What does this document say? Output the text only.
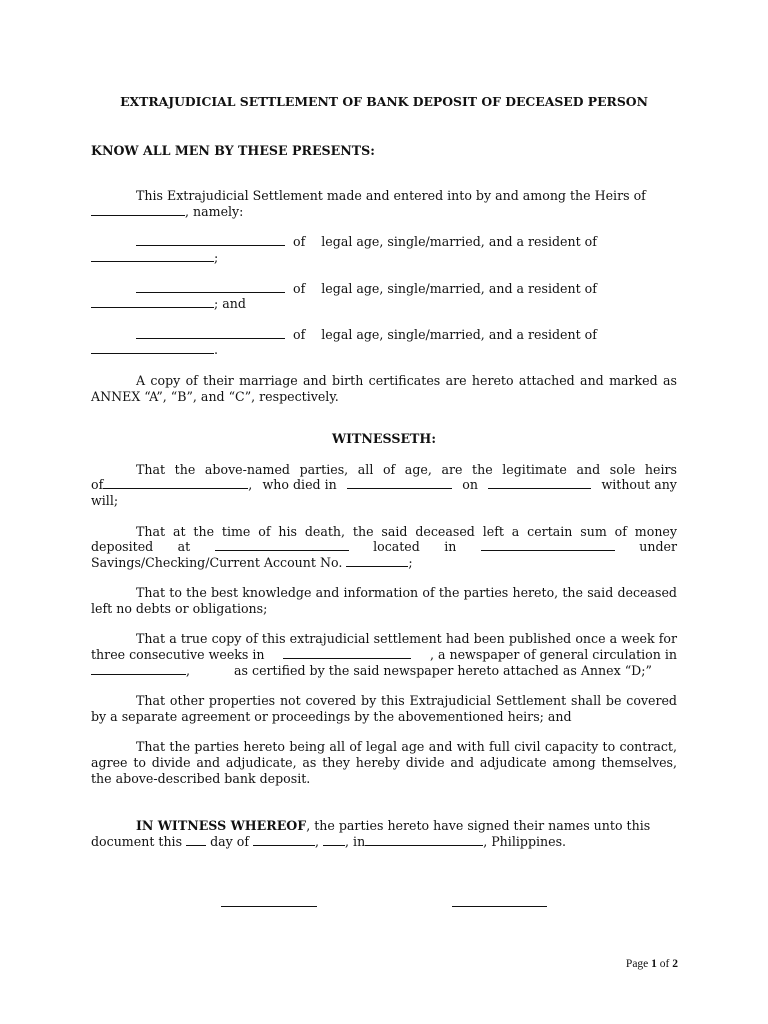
EXTRAJUDICIAL SETTLEMENT OF BANK DEPOSIT OF DECEASED PERSON
KNOW ALL MEN BY THESE PRESENTS:

This Extrajudicial Settlement made and entered into by and among the Heirs of
, namely:

of legal age, single/married, and a resident of
;
of legal age, single/married, and a resident of
; and
of legal age, single/married, and a resident of
.

A copy of their marriage and birth certificates are hereto attached and marked as ANNEX “A”, “B”, and “C”, respectively.

WITNESSETH:

That the above-named parties, all of age, are the legitimate and sole heirs
of	, who died in	on	without any
will;

That at the time of his death, the said deceased left a certain sum of money
deposited at	located in	under
Savings/Checking/Current Account No.	;

That to the best knowledge and information of the parties hereto, the said deceased left no debts or obligations;

That a true copy of this extrajudicial settlement had been published once a week for
three consecutive weeks in	, a newspaper of general circulation in
,           as certified by the said newspaper hereto attached as Annex “D;”

That other properties not covered by this Extrajudicial Settlement shall be covered by a separate agreement or proceedings by the abovementioned heirs; and

That the parties hereto being all of legal age and with full civil capacity to contract, agree to divide and adjudicate, as they hereby divide and adjudicate among themselves, the above-described bank deposit.

IN WITNESS WHEREOF, the parties hereto have signed their names unto this
document this day of	, , in	, Philippines.

Page 1 of 2
